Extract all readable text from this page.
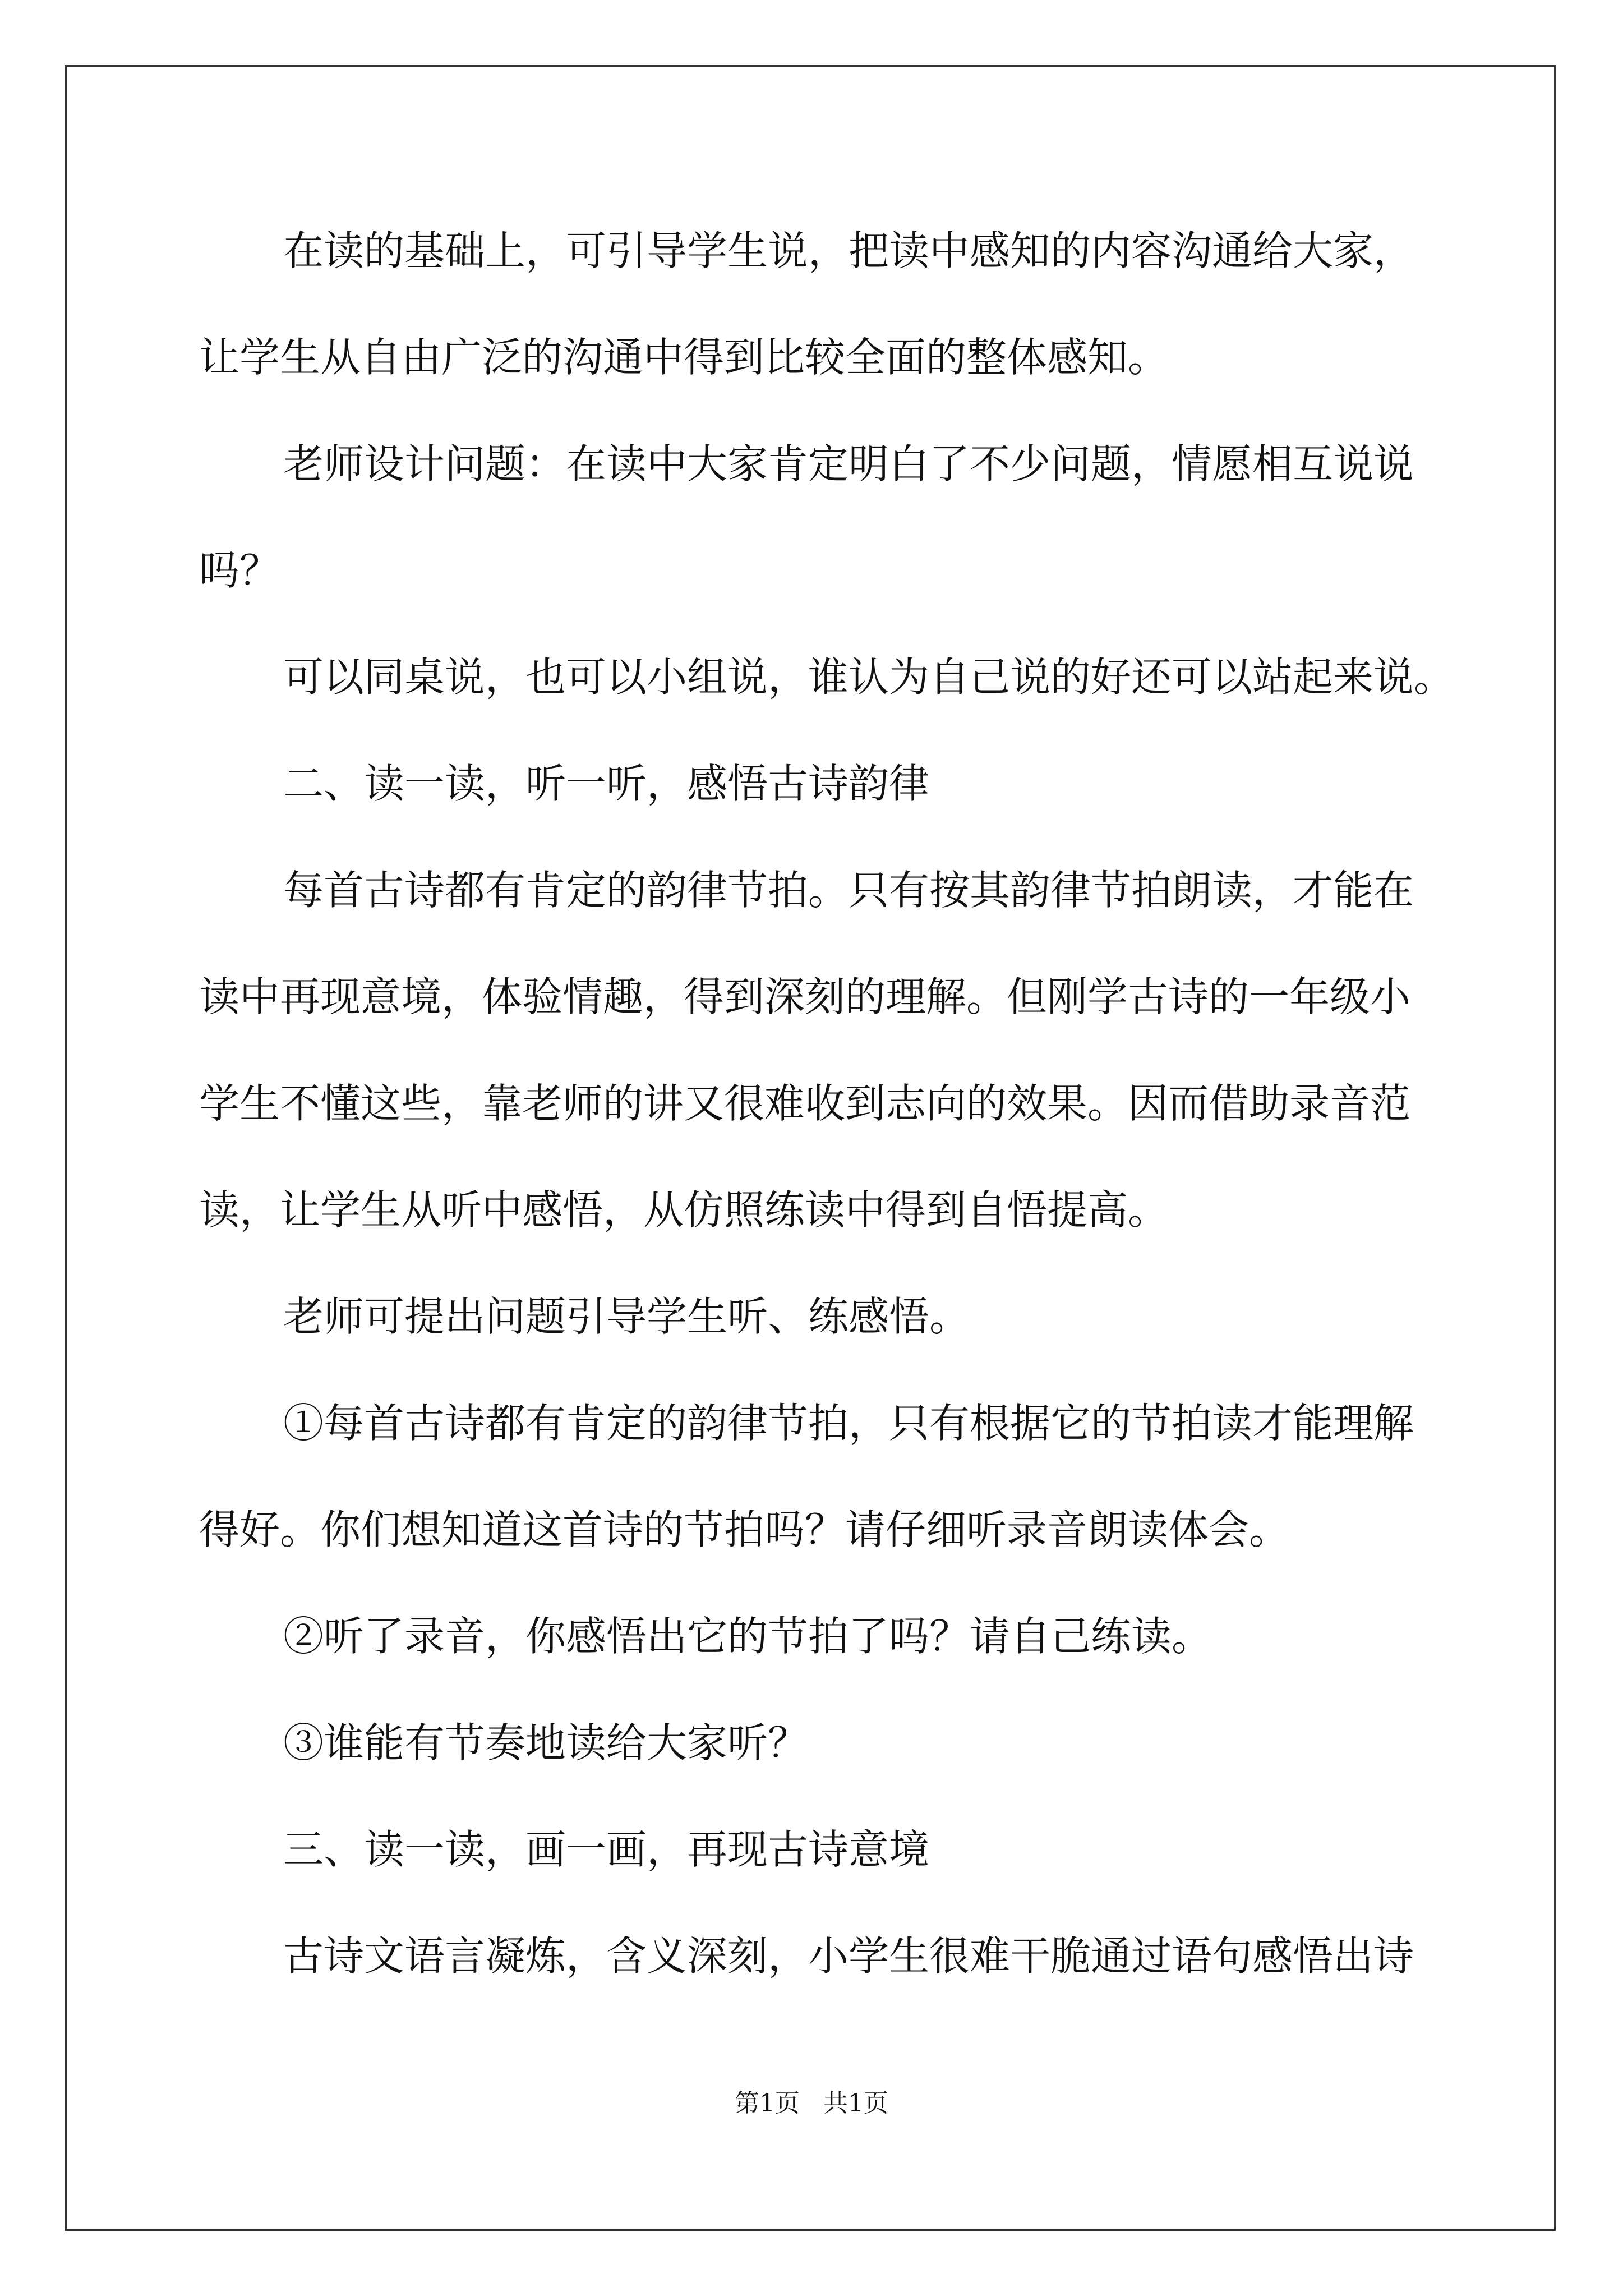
在读的基础上，可引导学生说，把读中感知的内容沟通给大家，

让学生从自由广泛的沟通中得到比较全面的整体感知。

老师设计问题：在读中大家肯定明白了不少问题，情愿相互说说

吗？

可以同桌说，也可以小组说，谁认为自己说的好还可以站起来说。

二、读一读，听一听，感悟古诗韵律

每首古诗都有肯定的韵律节拍。只有按其韵律节拍朗读，才能在

读中再现意境，体验情趣，得到深刻的理解。但刚学古诗的一年级小

学生不懂这些，靠老师的讲又很难收到志向的效果。因而借助录音范

读，让学生从听中感悟，从仿照练读中得到自悟提高。

老师可提出问题引导学生听、练感悟。

①每首古诗都有肯定的韵律节拍，只有根据它的节拍读才能理解

得好。你们想知道这首诗的节拍吗？请仔细听录音朗读体会。

②听了录音，你感悟出它的节拍了吗？请自己练读。

③谁能有节奏地读给大家听？

三、读一读，画一画，再现古诗意境

古诗文语言凝炼，含义深刻，小学生很难干脆通过语句感悟出诗

第1页   共1页
